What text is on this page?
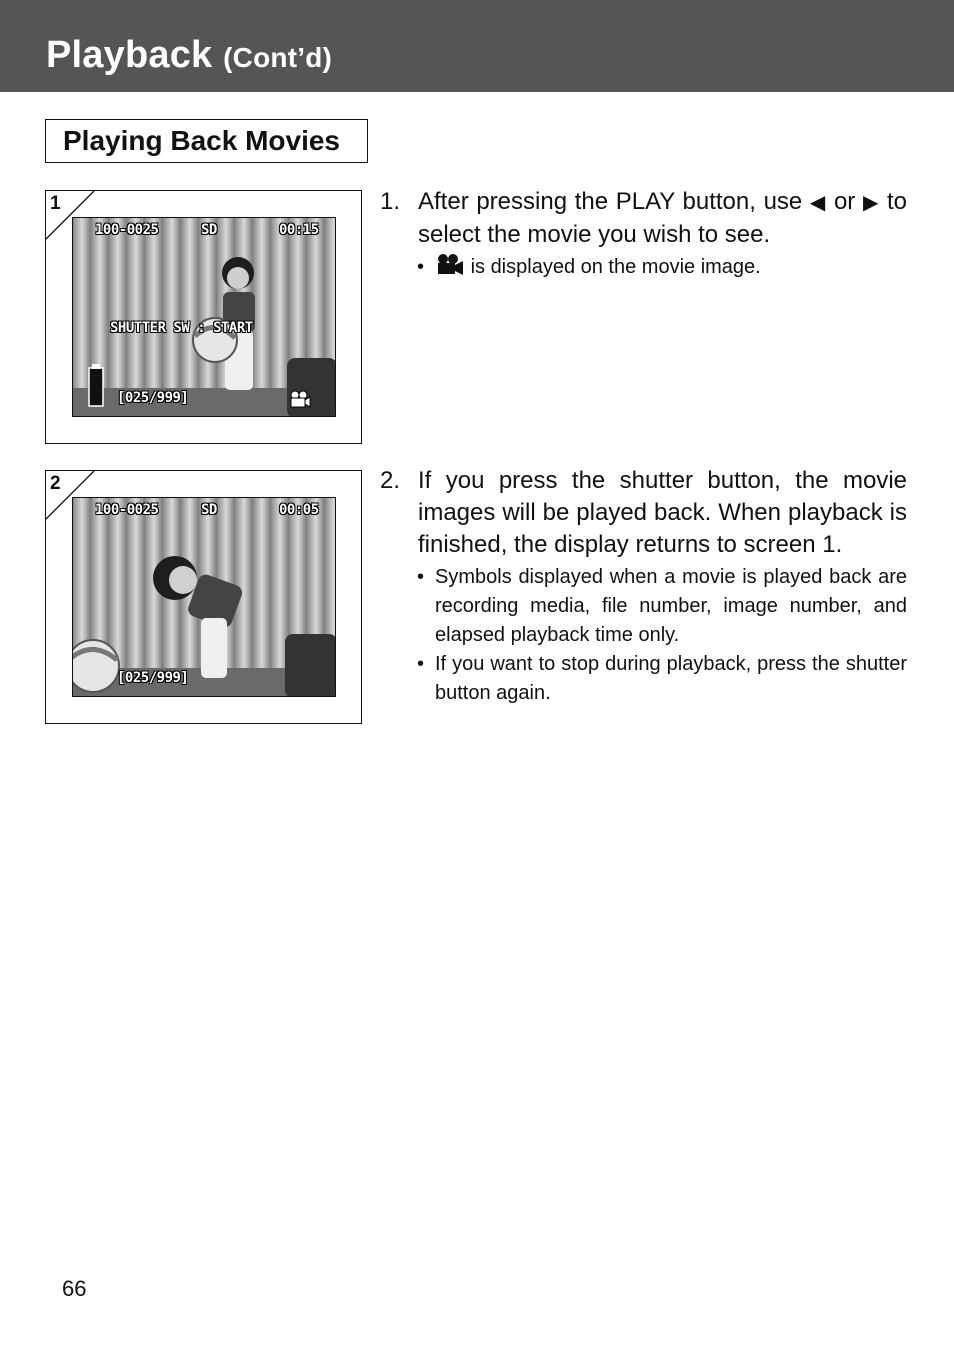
Playback (Cont’d)
Playing Back Movies
1
100-0025	SD	00:15
SHUTTER SW : START
[025/999]
2
100-0025	SD	00:05
[025/999]
1. After pressing the PLAY button, use ◀ or ▶ to select the movie you wish to see.
• is displayed on the movie image.
2. If you press the shutter button, the movie images will be played back. When playback is finished, the display returns to screen 1.
• Symbols displayed when a movie is played back are recording media, file number, image number, and elapsed playback time only.
• If you want to stop during playback, press the shutter button again.
66
